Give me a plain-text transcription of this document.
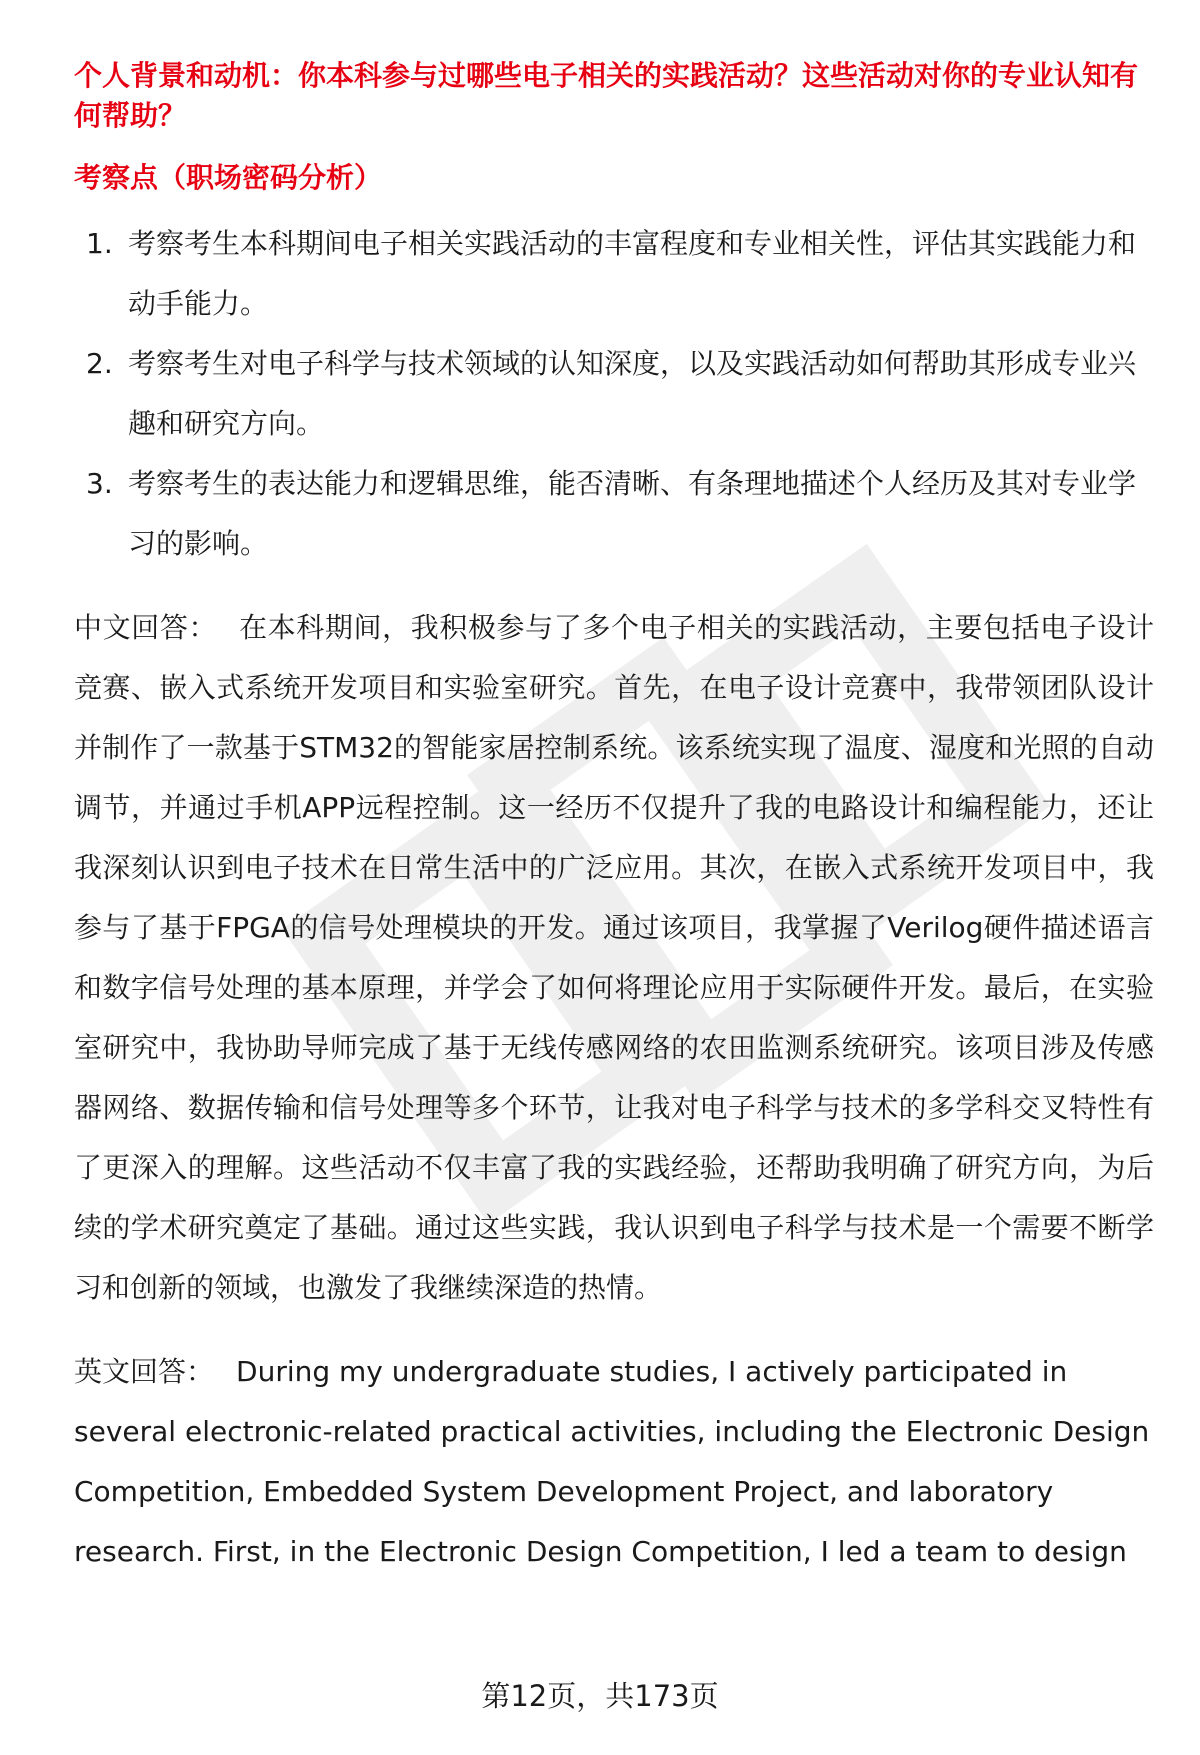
个人背景和动机：你本科参与过哪些电子相关的实践活动？这些活动对你的专业认知有何帮助？
考察点（职场密码分析）
1. 考察考生本科期间电子相关实践活动的丰富程度和专业相关性，评估其实践能力和动手能力。
2. 考察考生对电子科学与技术领域的认知深度，以及实践活动如何帮助其形成专业兴趣和研究方向。
3. 考察考生的表达能力和逻辑思维，能否清晰、有条理地描述个人经历及其对专业学习的影响。

中文回答： 在本科期间，我积极参与了多个电子相关的实践活动，主要包括电子设计竞赛、嵌入式系统开发项目和实验室研究。首先，在电子设计竞赛中，我带领团队设计并制作了一款基于STM32的智能家居控制系统。该系统实现了温度、湿度和光照的自动调节，并通过手机APP远程控制。这一经历不仅提升了我的电路设计和编程能力，还让我深刻认识到电子技术在日常生活中的广泛应用。其次，在嵌入式系统开发项目中，我参与了基于FPGA的信号处理模块的开发。通过该项目，我掌握了Verilog硬件描述语言和数字信号处理的基本原理，并学会了如何将理论应用于实际硬件开发。最后，在实验室研究中，我协助导师完成了基于无线传感网络的农田监测系统研究。该项目涉及传感器网络、数据传输和信号处理等多个环节，让我对电子科学与技术的多学科交叉特性有了更深入的理解。这些活动不仅丰富了我的实践经验，还帮助我明确了研究方向，为后续的学术研究奠定了基础。通过这些实践，我认识到电子科学与技术是一个需要不断学习和创新的领域，也激发了我继续深造的热情。

英文回答： During my undergraduate studies, I actively participated in several electronic-related practical activities, including the Electronic Design Competition, Embedded System Development Project, and laboratory research. First, in the Electronic Design Competition, I led a team to design

第12页，共173页
